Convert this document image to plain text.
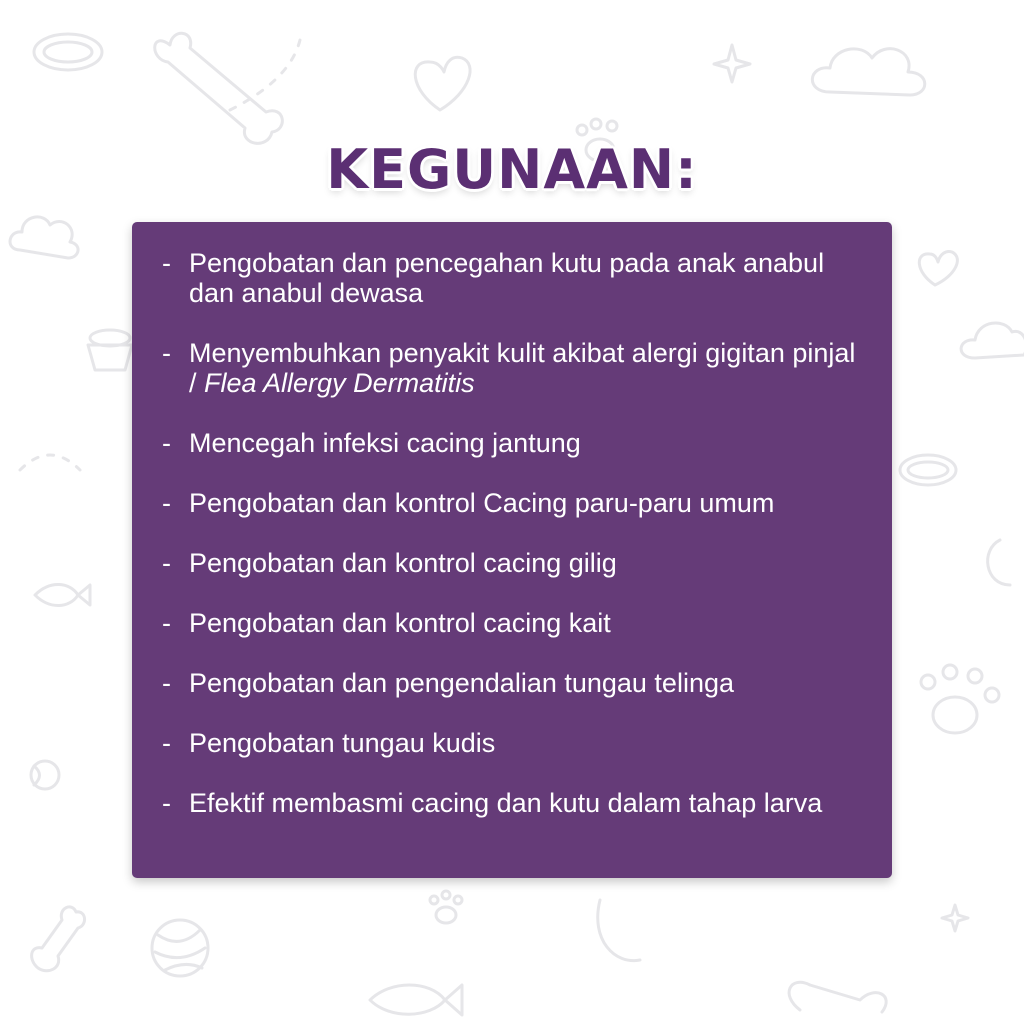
KEGUNAAN:
- Pengobatan dan pencegahan kutu pada anak anabul dan anabul dewasa
- Menyembuhkan penyakit kulit akibat alergi gigitan pinjal / Flea Allergy Dermatitis
- Mencegah infeksi cacing jantung
- Pengobatan dan kontrol Cacing paru-paru umum
- Pengobatan dan kontrol cacing gilig
- Pengobatan dan kontrol cacing kait
- Pengobatan dan pengendalian tungau telinga
- Pengobatan tungau kudis
- Efektif membasmi cacing dan kutu dalam tahap larva
